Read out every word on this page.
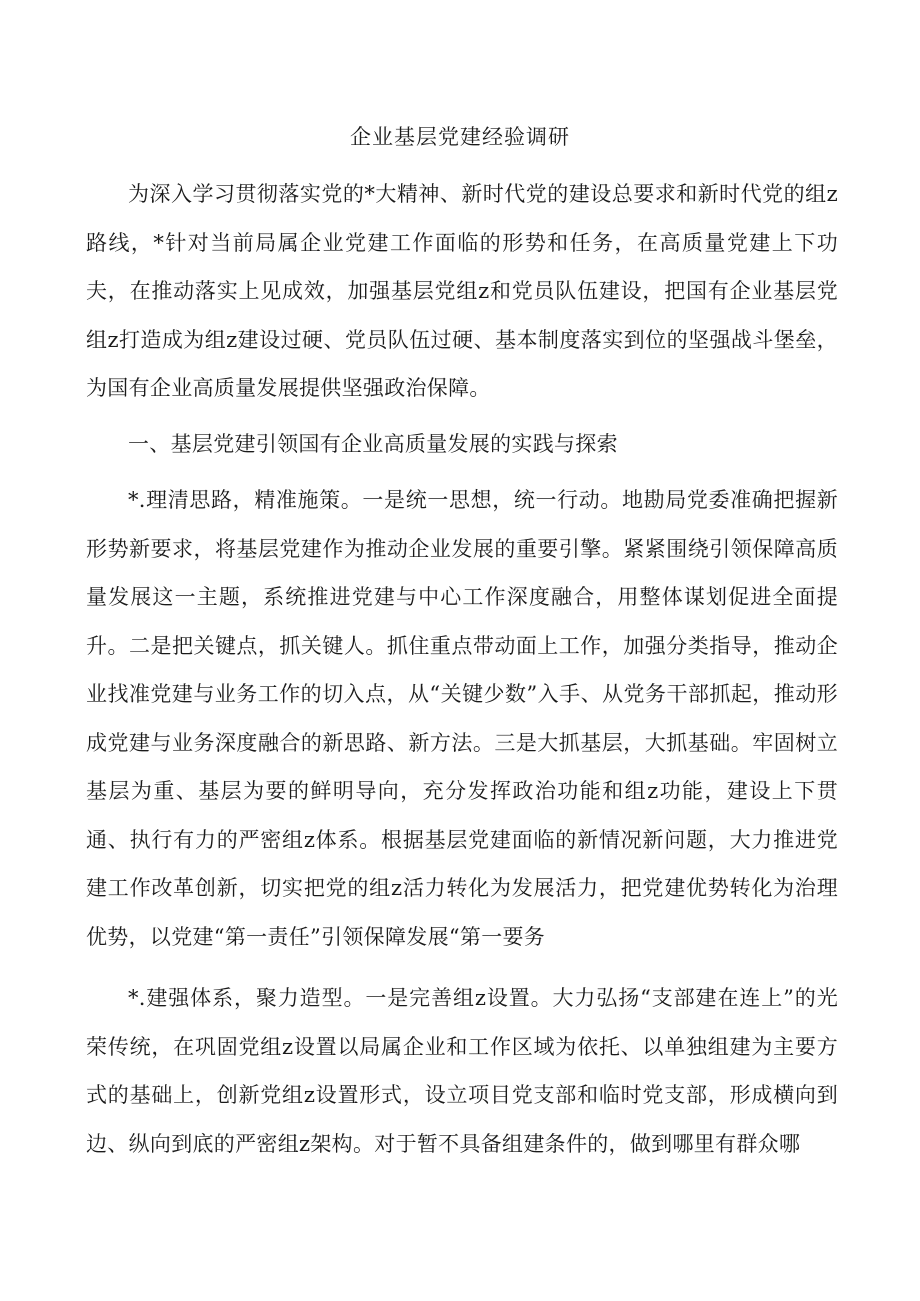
企业基层党建经验调研
为深入学习贯彻落实党的*大精神、新时代党的建设总要求和新时代党的组z路线，*针对当前局属企业党建工作面临的形势和任务，在高质量党建上下功夫，在推动落实上见成效，加强基层党组z和党员队伍建设，把国有企业基层党组z打造成为组z建设过硬、党员队伍过硬、基本制度落实到位的坚强战斗堡垒，为国有企业高质量发展提供坚强政治保障。
一、基层党建引领国有企业高质量发展的实践与探索
*.理清思路，精准施策。一是统一思想，统一行动。地勘局党委准确把握新形势新要求，将基层党建作为推动企业发展的重要引擎。紧紧围绕引领保障高质量发展这一主题，系统推进党建与中心工作深度融合，用整体谋划促进全面提升。二是把关键点，抓关键人。抓住重点带动面上工作，加强分类指导，推动企业找准党建与业务工作的切入点，从“关键少数”入手、从党务干部抓起，推动形成党建与业务深度融合的新思路、新方法。三是大抓基层，大抓基础。牢固树立基层为重、基层为要的鲜明导向，充分发挥政治功能和组z功能，建设上下贯通、执行有力的严密组z体系。根据基层党建面临的新情况新问题，大力推进党建工作改革创新，切实把党的组z活力转化为发展活力，把党建优势转化为治理优势，以党建“第一责任”引领保障发展“第一要务
*.建强体系，聚力造型。一是完善组z设置。大力弘扬“支部建在连上”的光荣传统，在巩固党组z设置以局属企业和工作区域为依托、以单独组建为主要方式的基础上，创新党组z设置形式，设立项目党支部和临时党支部，形成横向到边、纵向到底的严密组z架构。对于暂不具备组建条件的，做到哪里有群众哪
